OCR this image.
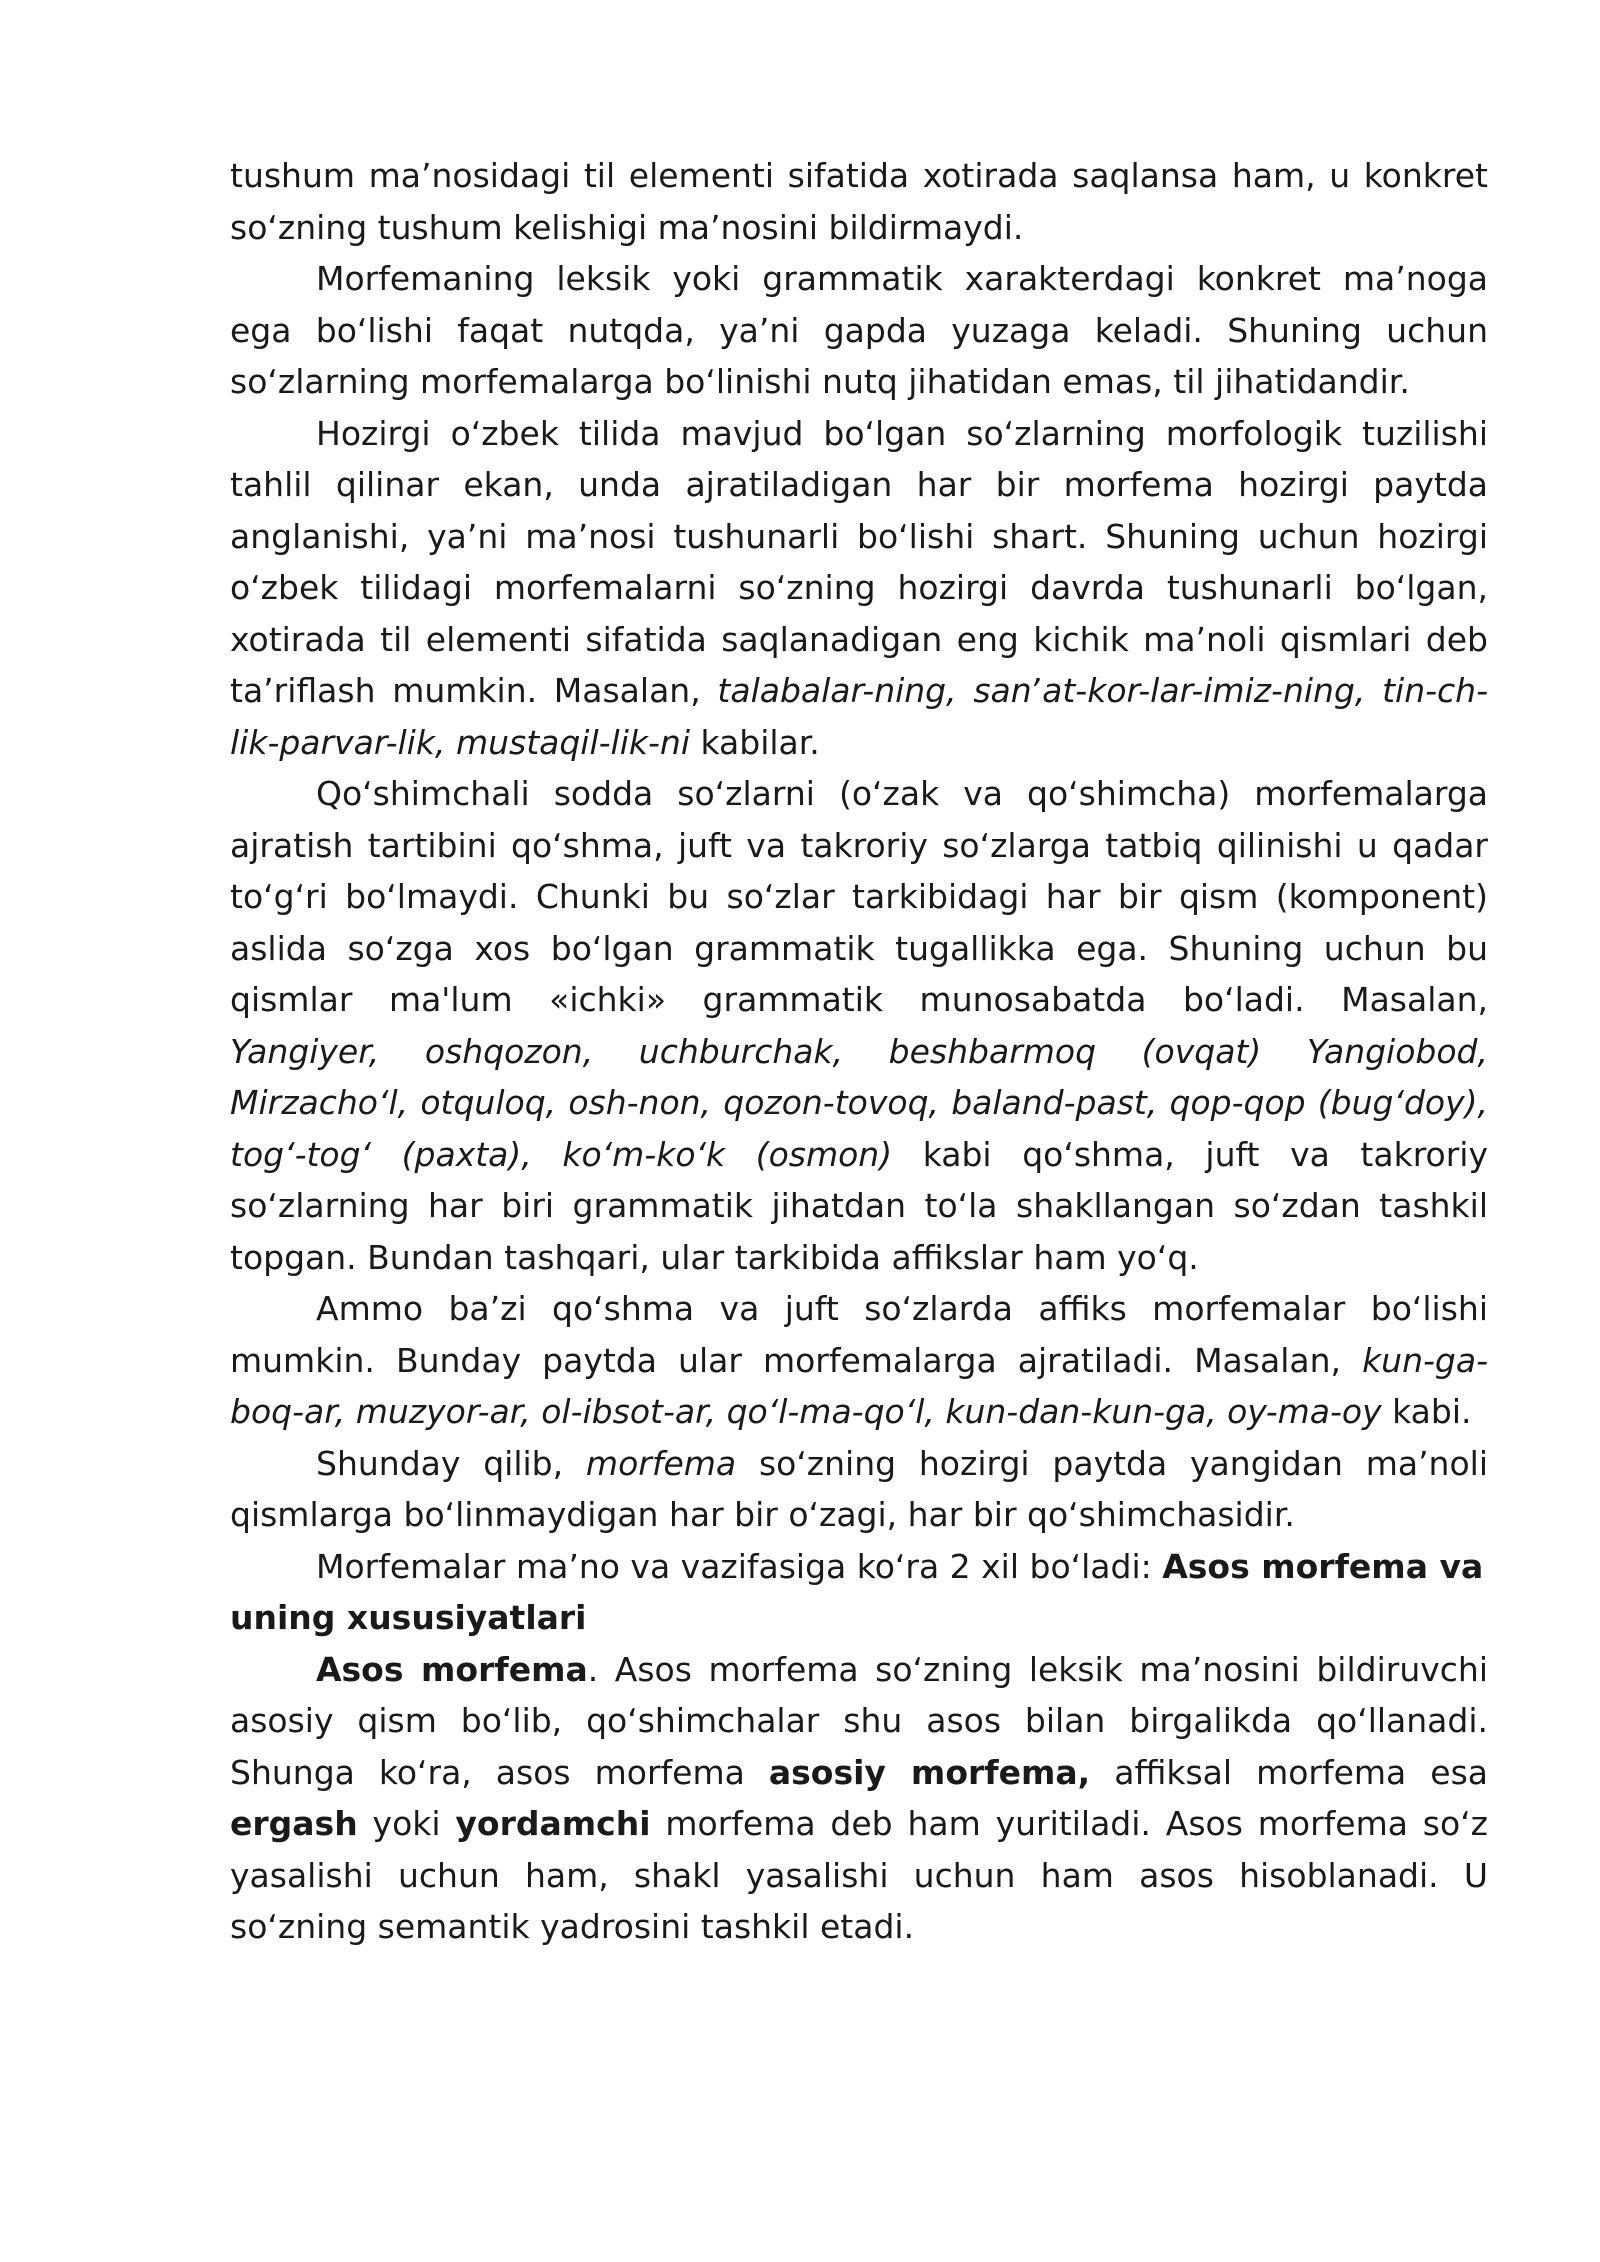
tushum maʼnosidagi til elementi sifatida xotirada saqlansa ham, u konkret soʻzning tushum kelishigi maʼnosini bildirmaydi.

Morfemaning leksik yoki grammatik xarakterdagi konkret maʼnoga ega boʻlishi faqat nutqda, yaʼni gapda yuzaga keladi. Shuning uchun soʻzlarning morfemalarga boʻlinishi nutq jihatidan emas, til jihatidandir.

Hozirgi oʻzbek tilida mavjud boʻlgan soʻzlarning morfologik tuzilishi tahlil qilinar ekan, unda ajratiladigan har bir morfema hozirgi paytda anglanishi, yaʼni maʼnosi tushunarli boʻlishi shart. Shuning uchun hozirgi oʻzbek tilidagi morfemalarni soʻzning hozirgi davrda tushunarli boʻlgan, xotirada til elementi sifatida saqlanadigan eng kichik maʼnoli qismlari deb taʼriflash mumkin. Masalan, talabalar-ning, sanʼat-kor-lar-imiz-ning, tin-ch-lik-parvar-lik, mustaqil-lik-ni kabilar.

Qoʻshimchali sodda soʻzlarni (oʻzak va qoʻshimcha) morfemalarga ajratish tartibini qoʻshma, juft va takroriy soʻzlarga tatbiq qilinishi u qadar toʻgʻri boʻlmaydi. Chunki bu soʻzlar tarkibidagi har bir qism (komponent) aslida soʻzga xos boʻlgan grammatik tugallikka ega. Shuning uchun bu qismlar ma'lum «ichki» grammatik munosabatda boʻladi. Masalan, Yangiyer, oshqozon, uchburchak, beshbarmoq (ovqat) Yangiobod, Mirzachoʻl, otquloq, osh-non, qozon-tovoq, baland-past, qop-qop (bugʻdoy), togʻ-togʻ (paxta), koʻm-koʻk (osmon) kabi qoʻshma, juft va takroriy soʻzlarning har biri grammatik jihatdan toʻla shakllangan soʻzdan tashkil topgan. Bundan tashqari, ular tarkibida affikslar ham yoʻq.

Ammo baʼzi qoʻshma va juft soʻzlarda affiks morfemalar boʻlishi mumkin. Bunday paytda ular morfemalarga ajratiladi. Masalan, kun-ga-boq-ar, muzyor-ar, ol-ibsot-ar, qoʻl-ma-qoʻl, kun-dan-kun-ga, oy-ma-oy kabi.

Shunday qilib, morfema soʻzning hozirgi paytda yangidan maʼnoli qismlarga boʻlinmaydigan har bir oʻzagi, har bir qoʻshimchasidir.

Morfemalar maʼno va vazifasiga koʻra 2 xil boʻladi: Asos morfema va uning xususiyatlari

Asos morfema. Asos morfema soʻzning leksik maʼnosini bildiruvchi asosiy qism boʻlib, qoʻshimchalar shu asos bilan birgalikda qoʻllanadi. Shunga koʻra, asos morfema asosiy morfema, affiksal morfema esa ergash yoki yordamchi morfema deb ham yuritiladi. Asos morfema soʻz yasalishi uchun ham, shakl yasalishi uchun ham asos hisoblanadi. U soʻzning semantik yadrosini tashkil etadi.
